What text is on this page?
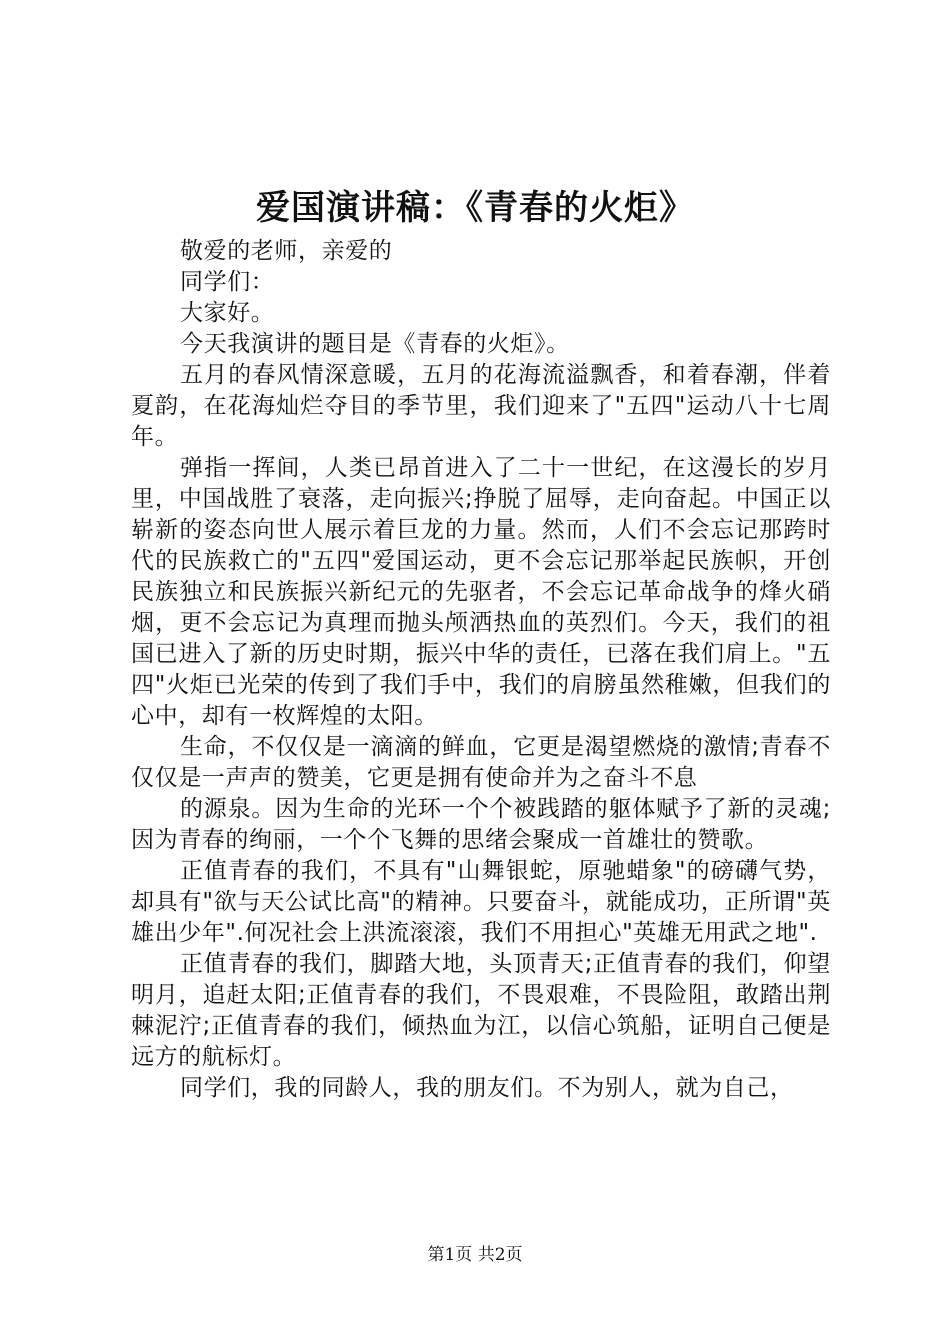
爱国演讲稿：《青春的火炬》

敬爱的老师，亲爱的

同学们：

大家好。

今天我演讲的题目是《青春的火炬》。

五月的春风情深意暖，五月的花海流溢飘香，和着春潮，伴着夏韵，在花海灿烂夺目的季节里，我们迎来了"五四"运动八十七周年。

弹指一挥间，人类已昂首进入了二十一世纪，在这漫长的岁月里，中国战胜了衰落，走向振兴;挣脱了屈辱，走向奋起。中国正以崭新的姿态向世人展示着巨龙的力量。然而，人们不会忘记那跨时代的民族救亡的"五四"爱国运动，更不会忘记那举起民族帜，开创民族独立和民族振兴新纪元的先驱者，不会忘记革命战争的烽火硝烟，更不会忘记为真理而抛头颅洒热血的英烈们。今天，我们的祖国已进入了新的历史时期，振兴中华的责任，已落在我们肩上。"五四"火炬已光荣的传到了我们手中，我们的肩膀虽然稚嫩，但我们的心中，却有一枚辉煌的太阳。

生命，不仅仅是一滴滴的鲜血，它更是渴望燃烧的激情;青春不仅仅是一声声的赞美，它更是拥有使命并为之奋斗不息

的源泉。因为生命的光环一个个被践踏的躯体赋予了新的灵魂;因为青春的绚丽，一个个飞舞的思绪会聚成一首雄壮的赞歌。

正值青春的我们，不具有"山舞银蛇，原驰蜡象"的磅礴气势，却具有"欲与天公试比高"的精神。只要奋斗，就能成功，正所谓"英雄出少年".何况社会上洪流滚滚，我们不用担心"英雄无用武之地".

正值青春的我们，脚踏大地，头顶青天;正值青春的我们，仰望明月，追赶太阳;正值青春的我们，不畏艰难，不畏险阻，敢踏出荆棘泥泞;正值青春的我们，倾热血为江，以信心筑船，证明自己便是远方的航标灯。

同学们，我的同龄人，我的朋友们。不为别人，就为自己，

第1页 共2页
